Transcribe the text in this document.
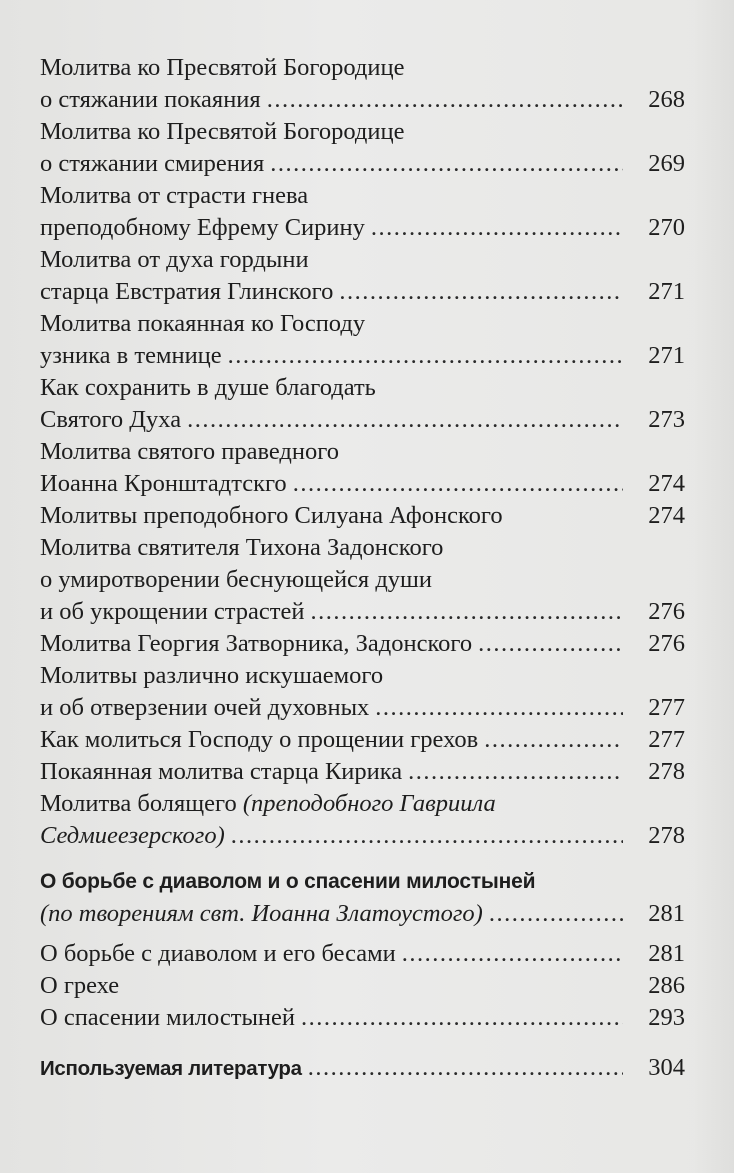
Молитва ко Пресвятой Богородице
о стяжании покаяния .....	268
Молитва ко Пресвятой Богородице
о стяжании смирения .....	269
Молитва от страсти гнева
преподобному Ефрему Сирину .....	270
Молитва от духа гордыни
старца Евстратия Глинского .....	271
Молитва покаянная ко Господу
узника в темнице .....	271
Как сохранить в душе благодать
Святого Духа .....	273
Молитва святого праведного
Иоанна Кронштадтскго .....	274
Молитвы преподобного Силуана Афонского	274
Молитва святителя Тихона Задонского
о умиротворении беснующейся души
и об укрощении страстей .....	276
Молитва Георгия Затворника, Задонского .....	276
Молитвы различно искушаемого
и об отверзении очей духовных .....	277
Как молиться Господу о прощении грехов .....	277
Покаянная молитва старца Кирика .....	278
Молитва болящего (преподобного Гавриила
Седмиеезерского) .....	278
О борьбе с диаволом и о спасении милостыней
(по творениям свт. Иоанна Златоустого) .....	281
О борьбе с диаволом и его бесами .....	281
О грехе	286
О спасении милостыней .....	293
Используемая литература .....	304
